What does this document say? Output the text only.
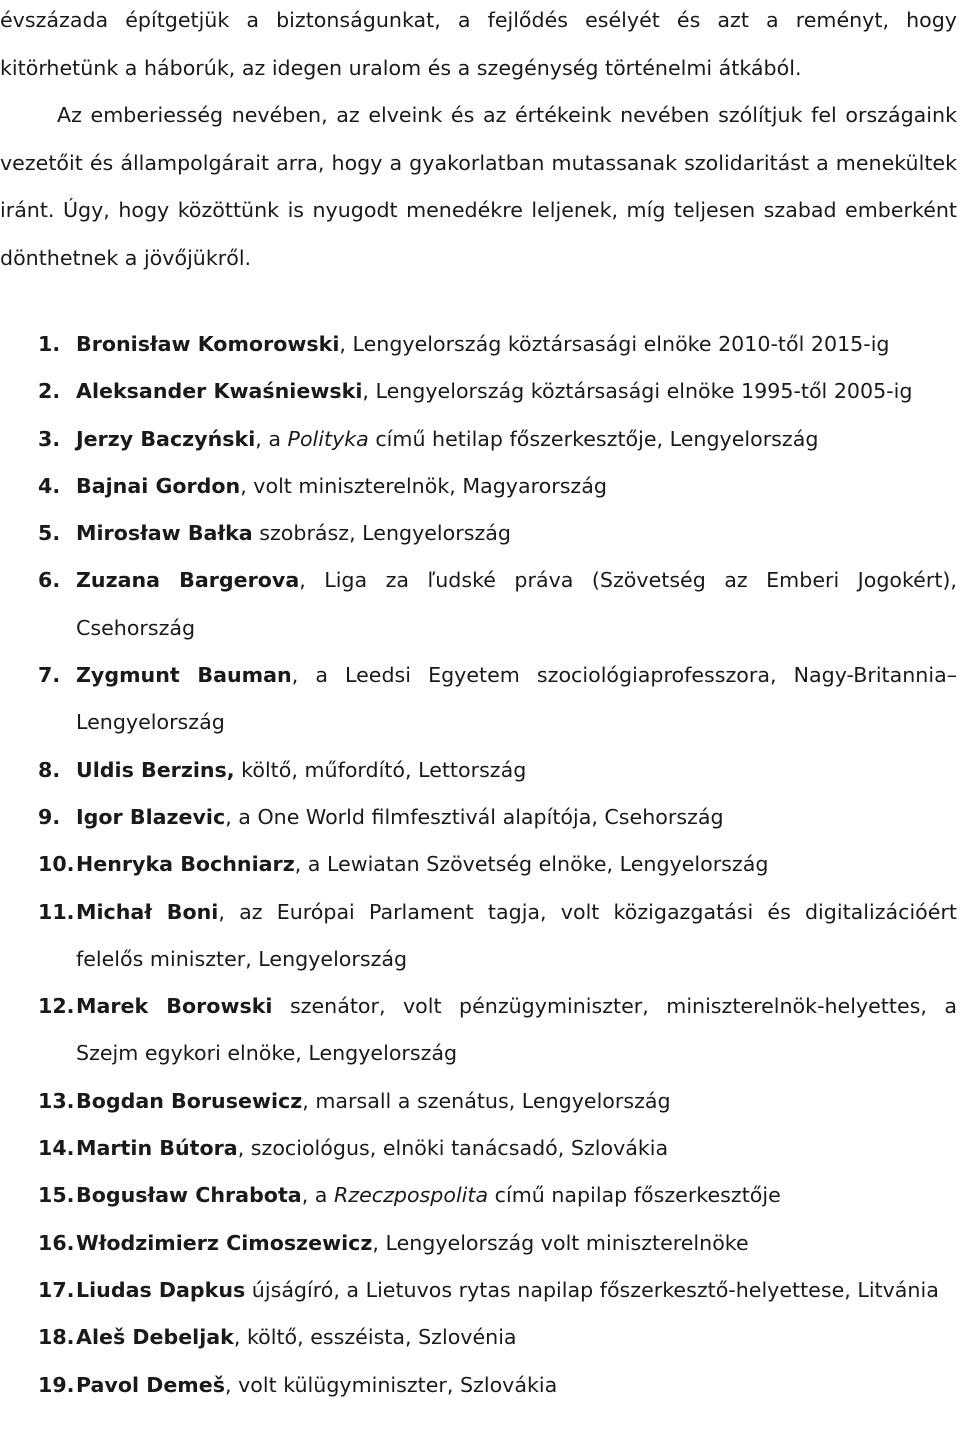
évszázada építgetjük a biztonságunkat, a fejlődés esélyét és azt a reményt, hogy kitörhetünk a háborúk, az idegen uralom és a szegénység történelmi átkából.

Az emberiesség nevében, az elveink és az értékeink nevében szólítjuk fel országaink vezetőit és állampolgárait arra, hogy a gyakorlatban mutassanak szolidaritást a menekültek iránt. Úgy, hogy közöttünk is nyugodt menedékre leljenek, míg teljesen szabad emberként dönthetnek a jövőjükről.

1. Bronisław Komorowski, Lengyelország köztársasági elnöke 2010-től 2015-ig
2. Aleksander Kwaśniewski, Lengyelország köztársasági elnöke 1995-től 2005-ig
3. Jerzy Baczyński, a Polityka című hetilap főszerkesztője, Lengyelország
4. Bajnai Gordon, volt miniszterelnök, Magyarország
5. Mirosław Bałka szobrász, Lengyelország
6. Zuzana Bargerova, Liga za ľudské práva (Szövetség az Emberi Jogokért), Csehország
7. Zygmunt Bauman, a Leedsi Egyetem szociológiaprofesszora, Nagy-Britannia–Lengyelország
8. Uldis Berzins, költő, műfordító, Lettország
9. Igor Blazevic, a One World filmfesztivál alapítója, Csehország
10. Henryka Bochniarz, a Lewiatan Szövetség elnöke, Lengyelország
11. Michał Boni, az Európai Parlament tagja, volt közigazgatási és digitalizációért felelős miniszter, Lengyelország
12. Marek Borowski szenátor, volt pénzügyminiszter, miniszterelnök-helyettes, a Szejm egykori elnöke, Lengyelország
13. Bogdan Borusewicz, marsall a szenátus, Lengyelország
14. Martin Bútora, szociológus, elnöki tanácsadó, Szlovákia
15. Bogusław Chrabota, a Rzeczpospolita című napilap főszerkesztője
16. Włodzimierz Cimoszewicz, Lengyelország volt miniszterelnöke
17. Liudas Dapkus újságíró, a Lietuvos rytas napilap főszerkesztő-helyettese, Litvánia
18. Aleš Debeljak, költő, esszéista, Szlovénia
19. Pavol Demeš, volt külügyminiszter, Szlovákia
